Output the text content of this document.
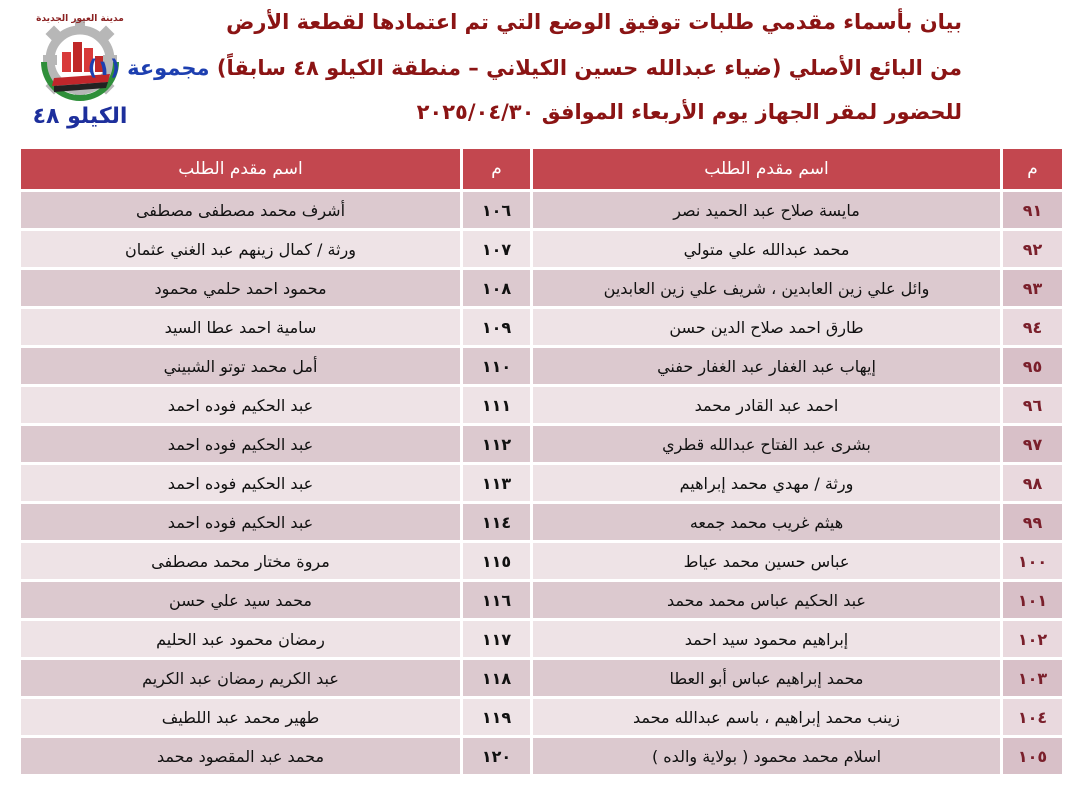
مدينة العبور الجديدة
الكيلو ٤٨
بيان بأسماء مقدمي طلبات توفيق الوضع التي تم اعتمادها لقطعة الأرض
من البائع الأصلي (ضياء عبدالله حسين الكيلاني – منطقة الكيلو ٤٨ سابقاً) مجموعة (١)
للحضور لمقر الجهاز يوم الأربعاء الموافق ٢٠٢٥/٠٤/٣٠
م	اسم مقدم الطلب	م	اسم مقدم الطلب
٩١	مايسة صلاح عبد الحميد نصر	١٠٦	أشرف محمد مصطفى مصطفى
٩٢	محمد عبدالله علي متولي	١٠٧	ورثة / كمال زينهم عبد الغني عثمان
٩٣	وائل علي زين العابدين ، شريف علي زين العابدين	١٠٨	محمود احمد حلمي محمود
٩٤	طارق احمد صلاح الدين حسن	١٠٩	سامية احمد عطا السيد
٩٥	إيهاب عبد الغفار عبد الغفار حفني	١١٠	أمل محمد توتو الشبيني
٩٦	احمد عبد القادر محمد	١١١	عبد الحكيم فوده احمد
٩٧	بشرى عبد الفتاح عبدالله قطري	١١٢	عبد الحكيم فوده احمد
٩٨	ورثة / مهدي محمد إبراهيم	١١٣	عبد الحكيم فوده احمد
٩٩	هيثم غريب محمد جمعه	١١٤	عبد الحكيم فوده احمد
١٠٠	عباس حسين محمد عياط	١١٥	مروة مختار محمد مصطفى
١٠١	عبد الحكيم عباس محمد محمد	١١٦	محمد سيد علي حسن
١٠٢	إبراهيم محمود سيد احمد	١١٧	رمضان محمود عبد الحليم
١٠٣	محمد إبراهيم عباس أبو العطا	١١٨	عبد الكريم رمضان عبد الكريم
١٠٤	زينب محمد إبراهيم ، باسم عبدالله محمد	١١٩	طهير محمد عبد اللطيف
١٠٥	اسلام محمد محمود ( بولاية والده )	١٢٠	محمد عبد المقصود محمد
